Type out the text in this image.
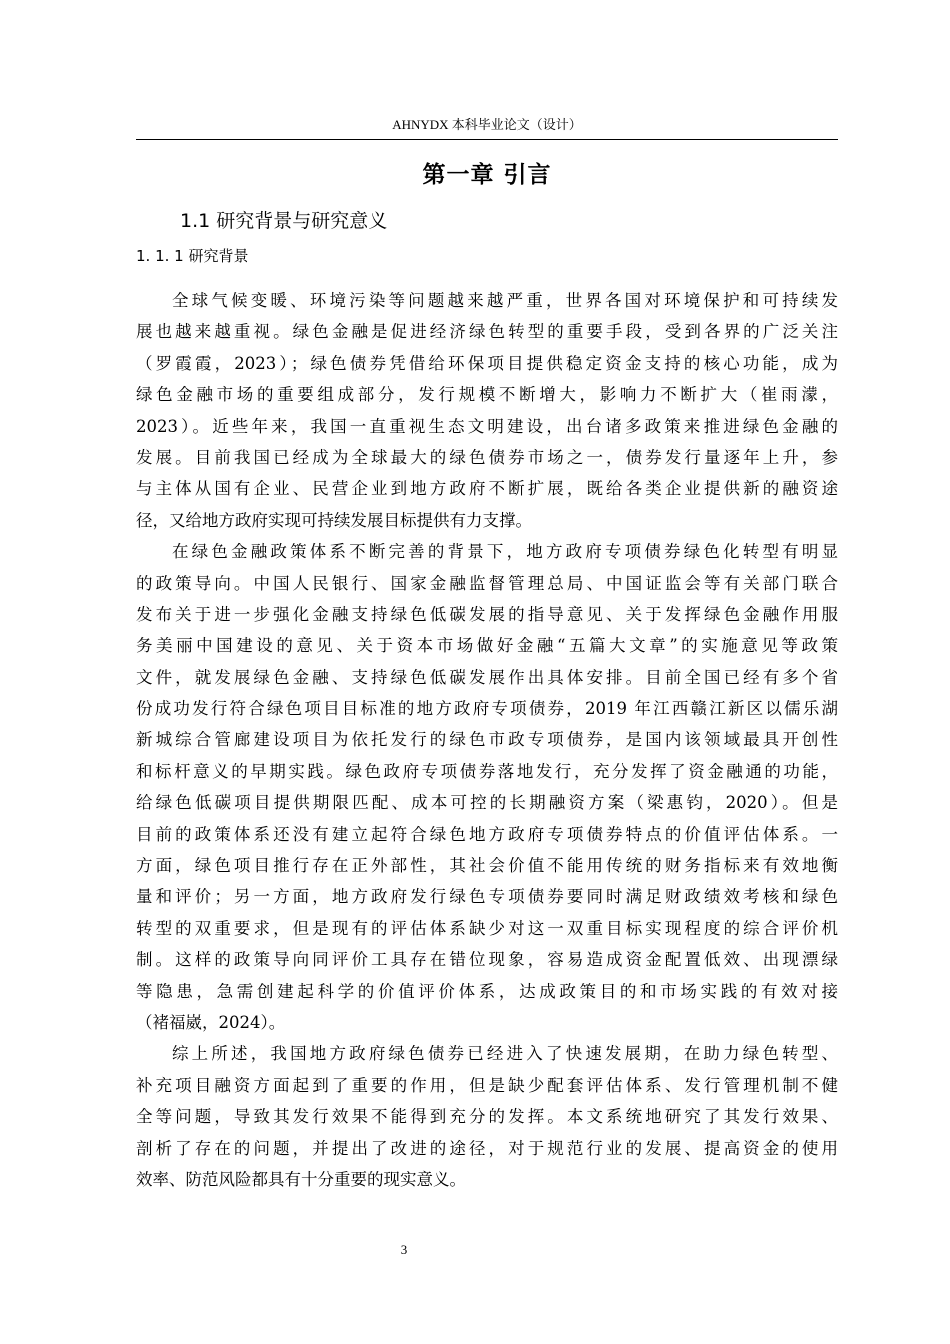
AHNYDX 本科毕业论文（设计）
第一章 引言
1.1 研究背景与研究意义
1. 1. 1 研究背景
全球气候变暖、环境污染等问题越来越严重，世界各国对环境保护和可持续发
展也越来越重视。绿色金融是促进经济绿色转型的重要手段，受到各界的广泛关注
（罗霞霞，2023）；绿色债券凭借给环保项目提供稳定资金支持的核心功能，成为
绿色金融市场的重要组成部分，发行规模不断增大，影响力不断扩大（崔雨濛，
2023）。近些年来，我国一直重视生态文明建设，出台诸多政策来推进绿色金融的
发展。目前我国已经成为全球最大的绿色债券市场之一，债券发行量逐年上升，参
与主体从国有企业、民营企业到地方政府不断扩展，既给各类企业提供新的融资途
径，又给地方政府实现可持续发展目标提供有力支撑。
在绿色金融政策体系不断完善的背景下，地方政府专项债券绿色化转型有明显
的政策导向。中国人民银行、国家金融监督管理总局、中国证监会等有关部门联合
发布关于进一步强化金融支持绿色低碳发展的指导意见、关于发挥绿色金融作用服
务美丽中国建设的意见、关于资本市场做好金融“五篇大文章”的实施意见等政策
文件，就发展绿色金融、支持绿色低碳发展作出具体安排。目前全国已经有多个省
份成功发行符合绿色项目目标准的地方政府专项债券，2019 年江西赣江新区以儒乐湖
新城综合管廊建设项目为依托发行的绿色市政专项债券，是国内该领域最具开创性
和标杆意义的早期实践。绿色政府专项债券落地发行，充分发挥了资金融通的功能，
给绿色低碳项目提供期限匹配、成本可控的长期融资方案（梁惠钧，2020）。但是
目前的政策体系还没有建立起符合绿色地方政府专项债券特点的价值评估体系。一
方面，绿色项目推行存在正外部性，其社会价值不能用传统的财务指标来有效地衡
量和评价；另一方面，地方政府发行绿色专项债券要同时满足财政绩效考核和绿色
转型的双重要求，但是现有的评估体系缺少对这一双重目标实现程度的综合评价机
制。这样的政策导向同评价工具存在错位现象，容易造成资金配置低效、出现漂绿
等隐患，急需创建起科学的价值评价体系，达成政策目的和市场实践的有效对接
（褚福崴，2024）。
综上所述，我国地方政府绿色债券已经进入了快速发展期，在助力绿色转型、
补充项目融资方面起到了重要的作用，但是缺少配套评估体系、发行管理机制不健
全等问题，导致其发行效果不能得到充分的发挥。本文系统地研究了其发行效果、
剖析了存在的问题，并提出了改进的途径，对于规范行业的发展、提高资金的使用
效率、防范风险都具有十分重要的现实意义。
3
